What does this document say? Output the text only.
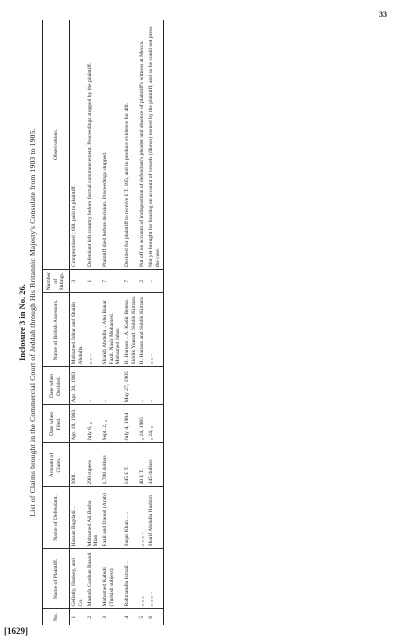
33
[1629]
Inclosure 3 in No. 26. List of Claims brought in the Commercial Court of Jeddah through His Britannic Majesty's Consulate from 1903 to 1905.
No.	Name of Plaintiff.	Name of Defendant.	Amount of Claim.	Date when Filed.	Date when Decided.	Name of British Assessors.	Number of Sittings.	Observations.
1	Gellatly, Hankey, and Co.	Hassan Bagdadi ..	100l.	Apr. 18, 1903	Apr. 30, 1903	Mohamed Jobar and Shaikh Abdulla	3	Compromised ; 60l. paid to plaintiff.
2	Mastafa Gooban Rasool	Mohamed Ali Basha Mian	290 rupees	July 6, „	..	„ „ ..	1	Defendant left country before formal commencement. Proceedings stopped by the plaintiff.
3	Mohamed Kabuli (Turkish subject)	Fazil and Daood (Arab)	1,700 dollars	Sept. 2, „	..	Shaikh Abdulla .. Abu Bakar Fazil. Nasir Mohamed. Mohamed Jabar.	7	Plaintiff died before decision. Proceedings stopped.
4	Rahmatulla Ismail ..	Saqar Khan .. ..	145 £ T.	July 4, 1904	May 27, 1905	H. Haroon .. A. Kadir Benna. Siddik Yousuf. Siddik Kimara.	7	Decided for plaintiff to receive £ T. 105, and to produce evidence for 40l.
5	„ „ „	„ „ „ ..	40 £ T.	„ 24, 1905	..	H. Haroon and Siddik Kimara	2	Put off on account of indisposition of defendant's pleader and absence of plaintiff's witness at Mecca.
6	„ „ „ ..	Sharif Abdulla Hashim	345 dollars	„ 24, „	..	„ „ ..	..	Not yet brought for hearing on account of vessels (dhows) owned by the plaintiff, and so he could not press the case.
